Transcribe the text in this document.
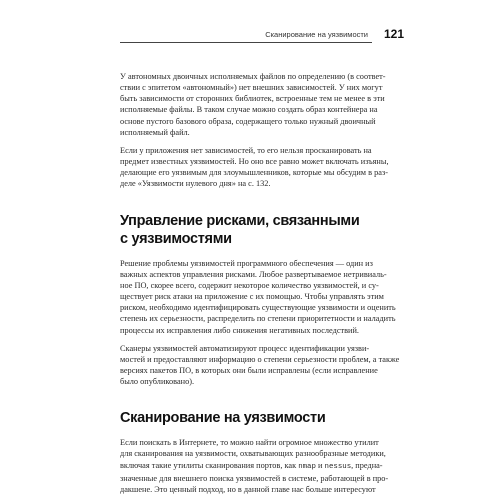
Сканирование на уязвимости 121

У автономных двоичных исполняемых файлов по определению (в соответ-
ствии с эпитетом «автономный») нет внешних зависимостей. У них могут
быть зависимости от сторонних библиотек, встроенные тем не менее в эти
исполняемые файлы. В таком случае можно создать образ контейнера на
основе пустого базового образа, содержащего только нужный двоичный
исполняемый файл.

Если у приложения нет зависимостей, то его нельзя просканировать на
предмет известных уязвимостей. Но оно все равно может включать изъяны,
делающие его уязвимым для злоумышленников, которые мы обсудим в раз-
деле «Уязвимости нулевого дня» на с. 132.

Управление рисками, связанными
с уязвимостями

Решение проблемы уязвимостей программного обеспечения — один из
важных аспектов управления рисками. Любое развертываемое нетривиаль-
ное ПО, скорее всего, содержит некоторое количество уязвимостей, и су-
ществует риск атаки на приложение с их помощью. Чтобы управлять этим
риском, необходимо идентифицировать существующие уязвимости и оценить
степень их серьезности, распределить по степени приоритетности и наладить
процессы их исправления либо снижения негативных последствий.

Сканеры уязвимостей автоматизируют процесс идентификации уязви-
мостей и предоставляют информацию о степени серьезности проблем, а также
версиях пакетов ПО, в которых они были исправлены (если исправление
было опубликовано).

Сканирование на уязвимости

Если поискать в Интернете, то можно найти огромное множество утилит
для сканирования на уязвимости, охватывающих разнообразные методики,
включая такие утилиты сканирования портов, как nmap и nessus, предна-
значенные для внешнего поиска уязвимостей в системе, работающей в про-
дакшене. Это ценный подход, но в данной главе нас больше интересуют
